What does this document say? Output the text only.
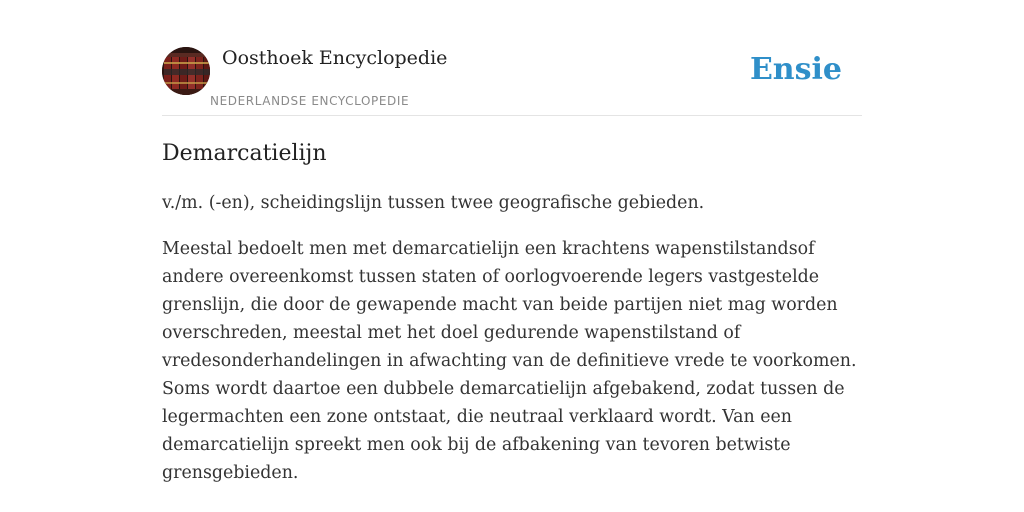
Oosthoek Encyclopedie
NEDERLANDSE ENCYCLOPEDIE
Ensie
Demarcatielijn

v./m. (-en), scheidingslijn tussen twee geografische gebieden.

Meestal bedoelt men met demarcatielijn een krachtens wapenstilstandsof andere overeenkomst tussen staten of oorlogvoerende legers vastgestelde grenslijn, die door de gewapende macht van beide partijen niet mag worden overschreden, meestal met het doel gedurende wapenstilstand of vredesonderhandelingen in afwachting van de definitieve vrede te voorkomen. Soms wordt daartoe een dubbele demarcatielijn afgebakend, zodat tussen de legermachten een zone ontstaat, die neutraal verklaard wordt. Van een demarcatielijn spreekt men ook bij de afbakening van tevoren betwiste grensgebieden.
